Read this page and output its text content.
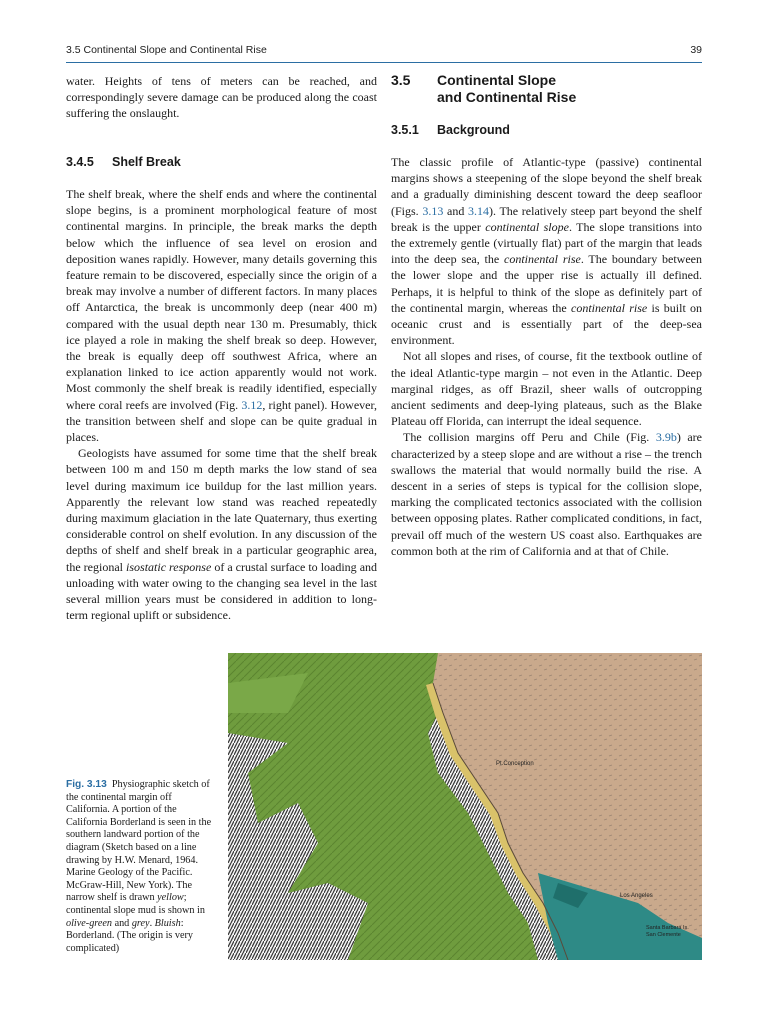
3.5 Continental Slope and Continental Rise	39

water. Heights of tens of meters can be reached, and correspondingly severe damage can be produced along the coast suffering the onslaught.

3.4.5 Shelf Break

The shelf break, where the shelf ends and where the continental slope begins, is a prominent morphological feature of most continental margins. In principle, the break marks the depth below which the influence of sea level on erosion and deposition wanes rapidly. However, many details governing this feature remain to be discovered, especially since the origin of a break may involve a number of different factors. In many places off Antarctica, the break is uncommonly deep (near 400 m) compared with the usual depth near 130 m. Presumably, thick ice played a role in making the shelf break so deep. However, the break is equally deep off southwest Africa, where an explanation linked to ice action apparently would not work. Most commonly the shelf break is readily identified, especially where coral reefs are involved (Fig. 3.12, right panel). However, the transition between shelf and slope can be quite gradual in places.

Geologists have assumed for some time that the shelf break between 100 m and 150 m depth marks the low stand of sea level during maximum ice buildup for the last million years. Apparently the relevant low stand was reached repeatedly during maximum glaciation in the late Quaternary, thus exerting considerable control on shelf evolution. In any discussion of the depths of shelf and shelf break in a particular geographic area, the regional isostatic response of a crustal surface to loading and unloading with water owing to the changing sea level in the last several million years must be considered in addition to long-term regional uplift or subsidence.

3.5 Continental Slope
and Continental Rise
3.5.1 Background

The classic profile of Atlantic-type (passive) continental margins shows a steepening of the slope beyond the shelf break and a gradually diminishing descent toward the deep seafloor (Figs. 3.13 and 3.14). The relatively steep part beyond the shelf break is the upper continental slope. The slope transitions into the extremely gentle (virtually flat) part of the margin that leads into the deep sea, the continental rise. The boundary between the lower slope and the upper rise is actually ill defined. Perhaps, it is helpful to think of the slope as definitely part of the continental margin, whereas the continental rise is built on oceanic crust and is essentially part of the deep-sea environment.

Not all slopes and rises, of course, fit the textbook outline of the ideal Atlantic-type margin – not even in the Atlantic. Deep marginal ridges, as off Brazil, sheer walls of outcropping ancient sediments and deep-lying plateaus, such as the Blake Plateau off Florida, can interrupt the ideal sequence.

The collision margins off Peru and Chile (Fig. 3.9b) are characterized by a steep slope and are without a rise – the trench swallows the material that would normally build the rise. A descent in a series of steps is typical for the collision slope, marking the complicated tectonics associated with the collision between opposing plates. Rather complicated conditions, in fact, prevail off much of the western US coast also. Earthquakes are common both at the rim of California and at that of Chile.

Fig. 3.13 Physiographic sketch of the continental margin off California. A portion of the California Borderland is seen in the southern landward portion of the diagram (Sketch based on a line drawing by H.W. Menard, 1964. Marine Geology of the Pacific. McGraw-Hill, New York). The narrow shelf is drawn yellow; continental slope mud is shown in olive-green and grey. Bluish: Borderland. (The origin is very complicated)
Pt.Conception
Los Angeles
Santa Barbara Is.
San Clemente
